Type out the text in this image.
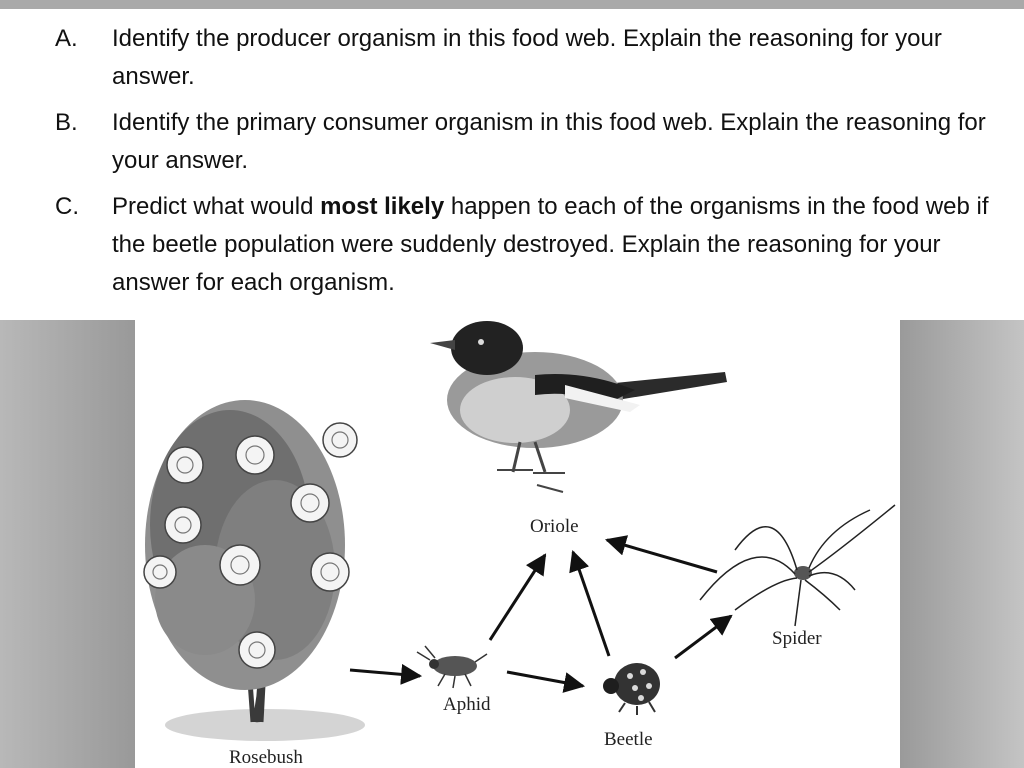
A. Identify the producer organism in this food web. Explain the reasoning for your answer.
B. Identify the primary consumer organism in this food web. Explain the reasoning for your answer.
C. Predict what would most likely happen to each of the organisms in the food web if the beetle population were suddenly destroyed. Explain the reasoning for your answer for each organism.
Oriole
Aphid
Beetle
Spider
Rosebush
